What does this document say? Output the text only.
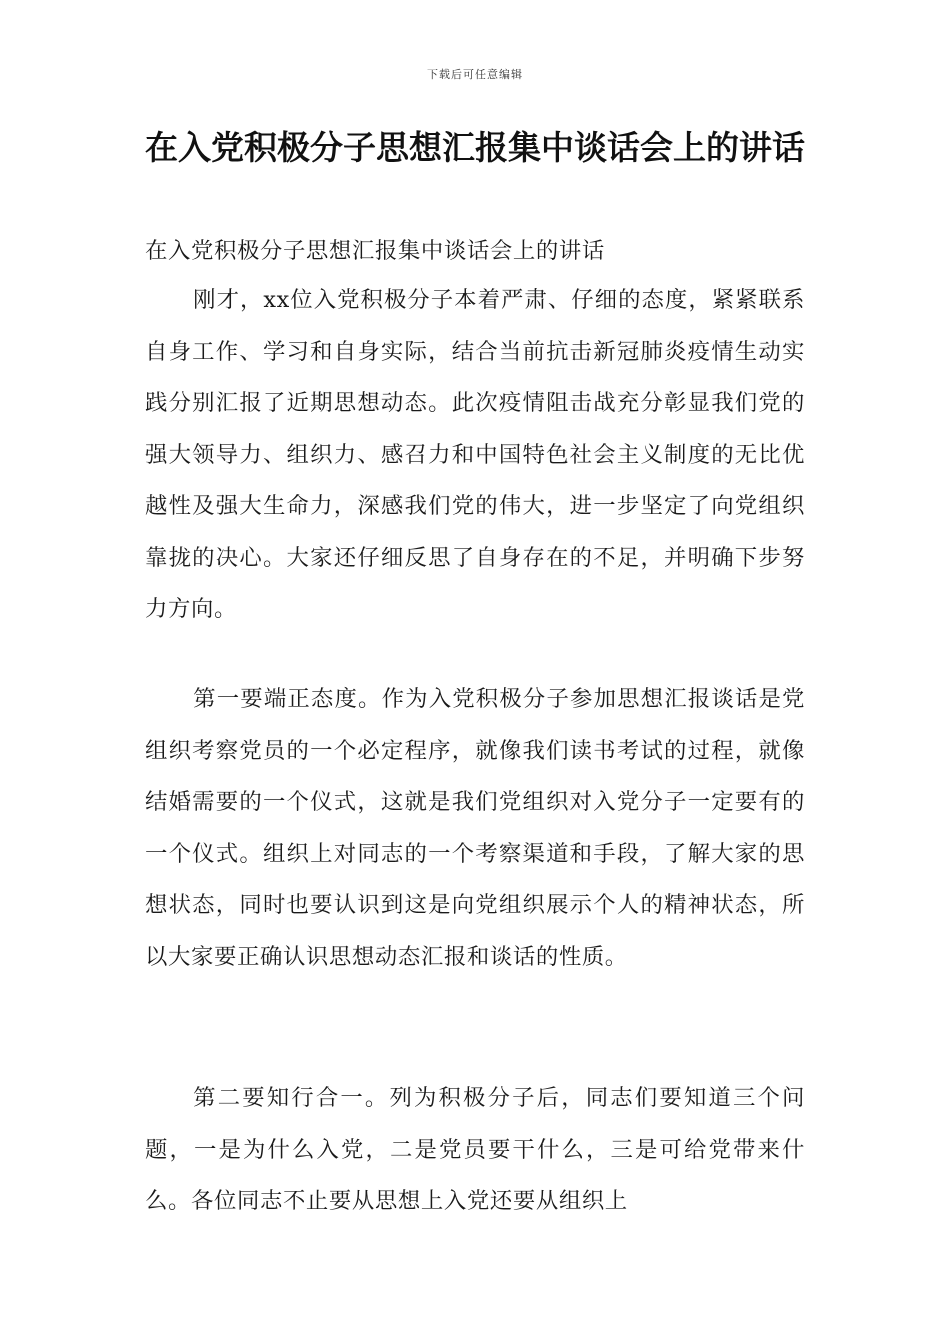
下载后可任意编辑
在入党积极分子思想汇报集中谈话会上的讲话

在入党积极分子思想汇报集中谈话会上的讲话

刚才，xx位入党积极分子本着严肃、仔细的态度，紧紧联系自身工作、学习和自身实际，结合当前抗击新冠肺炎疫情生动实践分别汇报了近期思想动态。此次疫情阻击战充分彰显我们党的强大领导力、组织力、感召力和中国特色社会主义制度的无比优越性及强大生命力，深感我们党的伟大，进一步坚定了向党组织靠拢的决心。大家还仔细反思了自身存在的不足，并明确下步努力方向。

第一要端正态度。作为入党积极分子参加思想汇报谈话是党组织考察党员的一个必定程序，就像我们读书考试的过程，就像结婚需要的一个仪式，这就是我们党组织对入党分子一定要有的一个仪式。组织上对同志的一个考察渠道和手段，了解大家的思想状态，同时也要认识到这是向党组织展示个人的精神状态，所以大家要正确认识思想动态汇报和谈话的性质。

第二要知行合一。列为积极分子后，同志们要知道三个问题，一是为什么入党，二是党员要干什么，三是可给党带来什么。各位同志不止要从思想上入党还要从组织上
